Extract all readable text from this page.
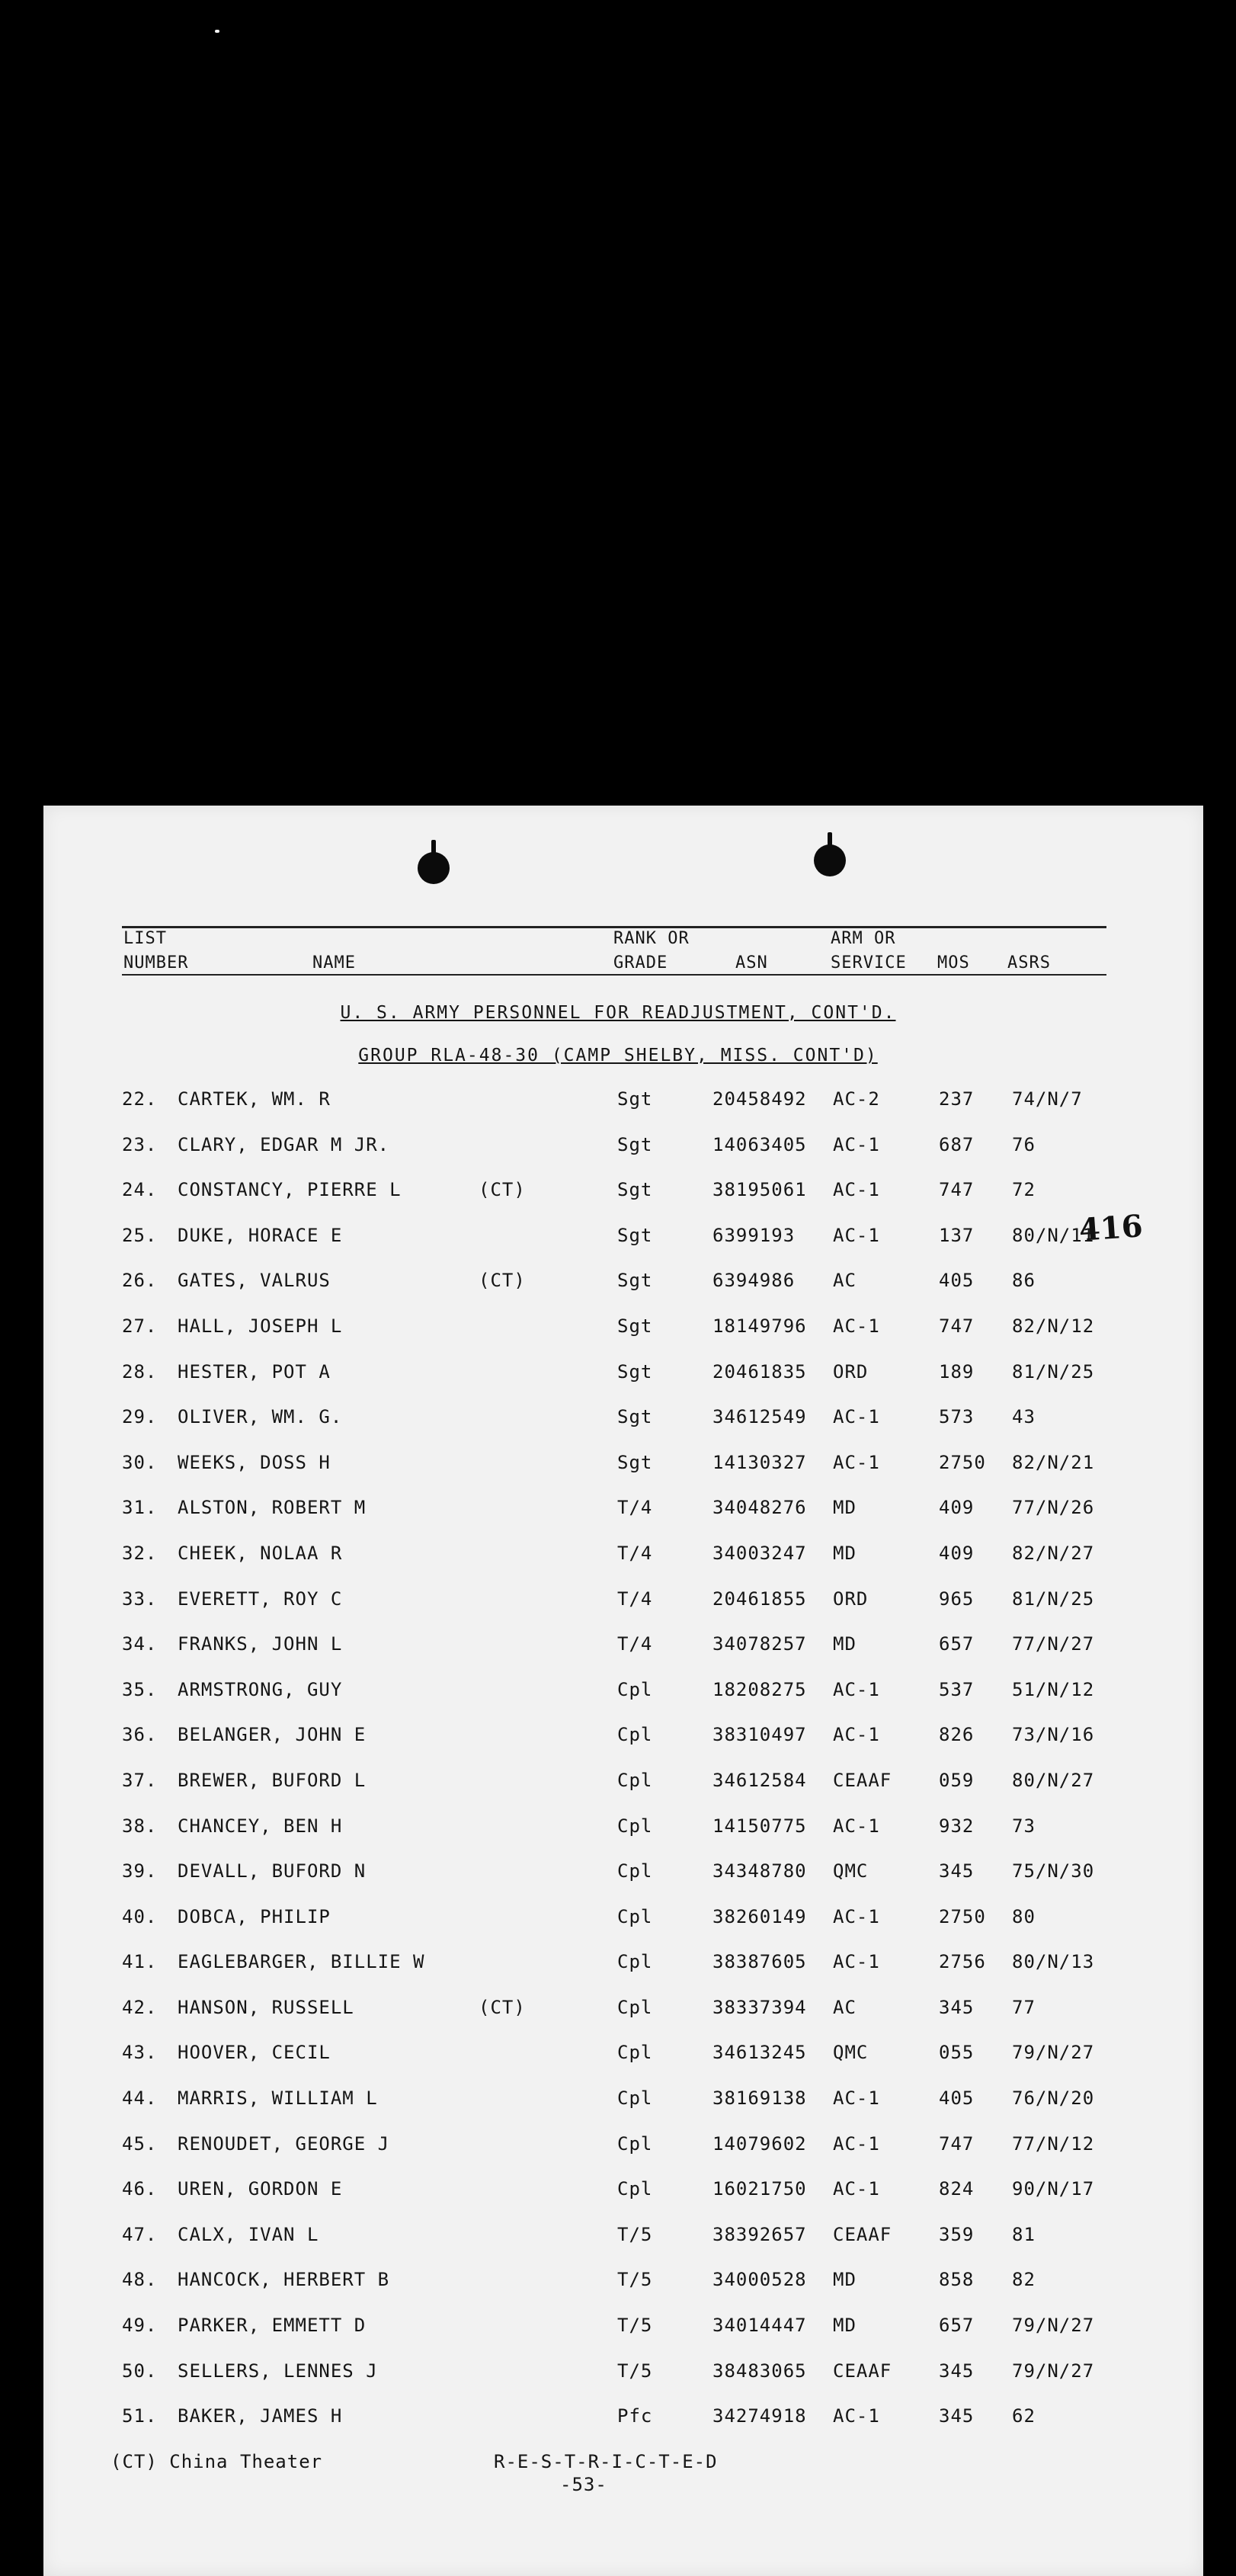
LIST
NUMBER	NAME
RANK OR
GRADE	ASN
ARM OR
SERVICE MOS ASRS
U. S. ARMY PERSONNEL FOR READJUSTMENT, CONT'D.
GROUP RLA-48-30 (CAMP SHELBY, MISS. CONT'D)
416
22. CARTEK, WM. R	Sgt	20458492 AC-2	237 74/N/7
23. CLARY, EDGAR M JR.	Sgt	14063405 AC-1	687 76
24. CONSTANCY, PIERRE L	(CT)	Sgt	38195061 AC-1	747 72
25. DUKE, HORACE E	Sgt	6399193 AC-1	137 80/N/11
26. GATES, VALRUS	(CT)	Sgt	6394986 AC	405 86
27. HALL, JOSEPH L	Sgt	18149796 AC-1	747 82/N/12
28. HESTER, POT A	Sgt	20461835 ORD	189 81/N/25
29. OLIVER, WM. G.	Sgt	34612549 AC-1	573 43
30. WEEKS, DOSS H	Sgt	14130327 AC-1	2750 82/N/21
31. ALSTON, ROBERT M	T/4	34048276 MD	409 77/N/26
32. CHEEK, NOLAA R	T/4	34003247 MD	409 82/N/27
33. EVERETT, ROY C	T/4	20461855 ORD	965 81/N/25
34. FRANKS, JOHN L	T/4	34078257 MD	657 77/N/27
35. ARMSTRONG, GUY	Cpl	18208275 AC-1	537 51/N/12
36. BELANGER, JOHN E	Cpl	38310497 AC-1	826 73/N/16
37. BREWER, BUFORD L	Cpl	34612584 CEAAF	059 80/N/27
38. CHANCEY, BEN H	Cpl	14150775 AC-1	932 73
39. DEVALL, BUFORD N	Cpl	34348780 QMC	345 75/N/30
40. DOBCA, PHILIP	Cpl	38260149 AC-1	2750 80
41. EAGLEBARGER, BILLIE W	Cpl	38387605 AC-1	2756 80/N/13
42. HANSON, RUSSELL	(CT)	Cpl	38337394 AC	345 77
43. HOOVER, CECIL	Cpl	34613245 QMC	055 79/N/27
44. MARRIS, WILLIAM L	Cpl	38169138 AC-1	405 76/N/20
45. RENOUDET, GEORGE J	Cpl	14079602 AC-1	747 77/N/12
46. UREN, GORDON E	Cpl	16021750 AC-1	824 90/N/17
47. CALX, IVAN L	T/5	38392657 CEAAF	359 81
48. HANCOCK, HERBERT B	T/5	34000528 MD	858 82
49. PARKER, EMMETT D	T/5	34014447 MD	657 79/N/27
50. SELLERS, LENNES J	T/5	38483065 CEAAF	345 79/N/27
51. BAKER, JAMES H	Pfc	34274918 AC-1	345 62
(CT) China Theater	R-E-S-T-R-I-C-T-E-D
-53-
